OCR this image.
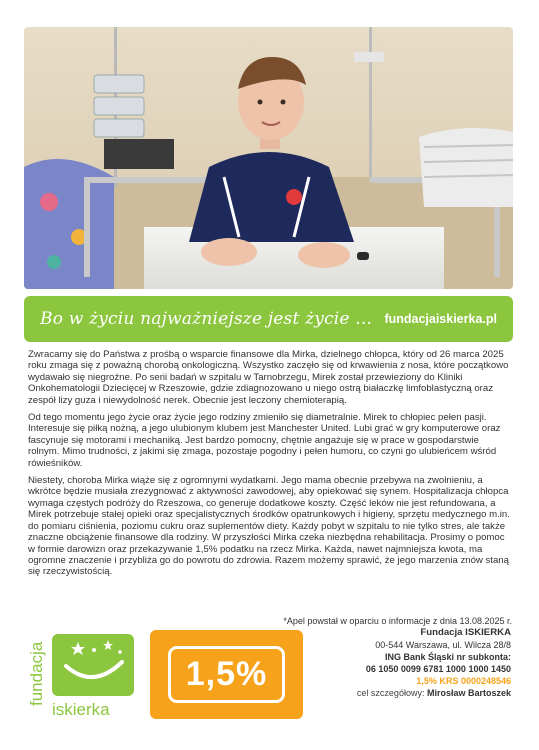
Bo w życiu najważniejsze jest życie ... fundacjaiskierka.pl

Zwracamy się do Państwa z prośbą o wsparcie finansowe dla Mirka, dzielnego chłopca, który od 26 marca 2025 roku zmaga się z poważną chorobą onkologiczną. Wszystko zaczęło się od krwawienia z nosa, które początkowo wydawało się niegroźne. Po serii badań w szpitalu w Tarnobrzegu, Mirek został przewieziony do Kliniki Onkohematologii Dziecięcej w Rzeszowie, gdzie zdiagnozowano u niego ostrą białaczkę limfoblastyczną oraz zespół lizy guza i niewydolność nerek. Obecnie jest leczony chemioterapią.

Od tego momentu jego życie oraz życie jego rodziny zmieniło się diametralnie. Mirek to chłopiec pełen pasji. Interesuje się piłką nożną, a jego ulubionym klubem jest Manchester United. Lubi grać w gry komputerowe oraz fascynuje się motorami i mechaniką. Jest bardzo pomocny, chętnie angażuje się w prace w gospodarstwie rolnym. Mimo trudności, z jakimi się zmaga, pozostaje pogodny i pełen humoru, co czyni go ulubieńcem wśród rówieśników.

Niestety, choroba Mirka wiąże się z ogromnymi wydatkami. Jego mama obecnie przebywa na zwolnieniu, a wkrótce będzie musiała zrezygnować z aktywności zawodowej, aby opiekować się synem. Hospitalizacja chłopca wymaga częstych podróży do Rzeszowa, co generuje dodatkowe koszty. Część leków nie jest refundowana, a Mirek potrzebuje stałej opieki oraz specjalistycznych środków opatrunkowych i higieny, sprzętu medycznego m.in. do pomiaru ciśnienia, poziomu cukru oraz suplementów diety. Każdy pobyt w szpitalu to nie tylko stres, ale także znaczne obciążenie finansowe dla rodziny. W przyszłości Mirka czeka niezbędna rehabilitacja. Prosimy o pomoc w formie darowizn oraz przekazywanie 1,5% podatku na rzecz Mirka. Każda, nawet najmniejsza kwota, ma ogromne znaczenie i przybliża go do powrotu do zdrowia. Razem możemy sprawić, że jego marzenia znów staną się rzeczywistością.

*Apel powstał w oparciu o informacje z dnia 13.08.2025 r.
fundacja
iskierka
1,5%
Fundacja ISKIERKA
00-544 Warszawa, ul. Wilcza 28/8
ING Bank Śląski nr subkonta:
06 1050 0099 6781 1000 1000 1450
1,5% KRS 0000248546
cel szczegółowy: Mirosław Bartoszek
